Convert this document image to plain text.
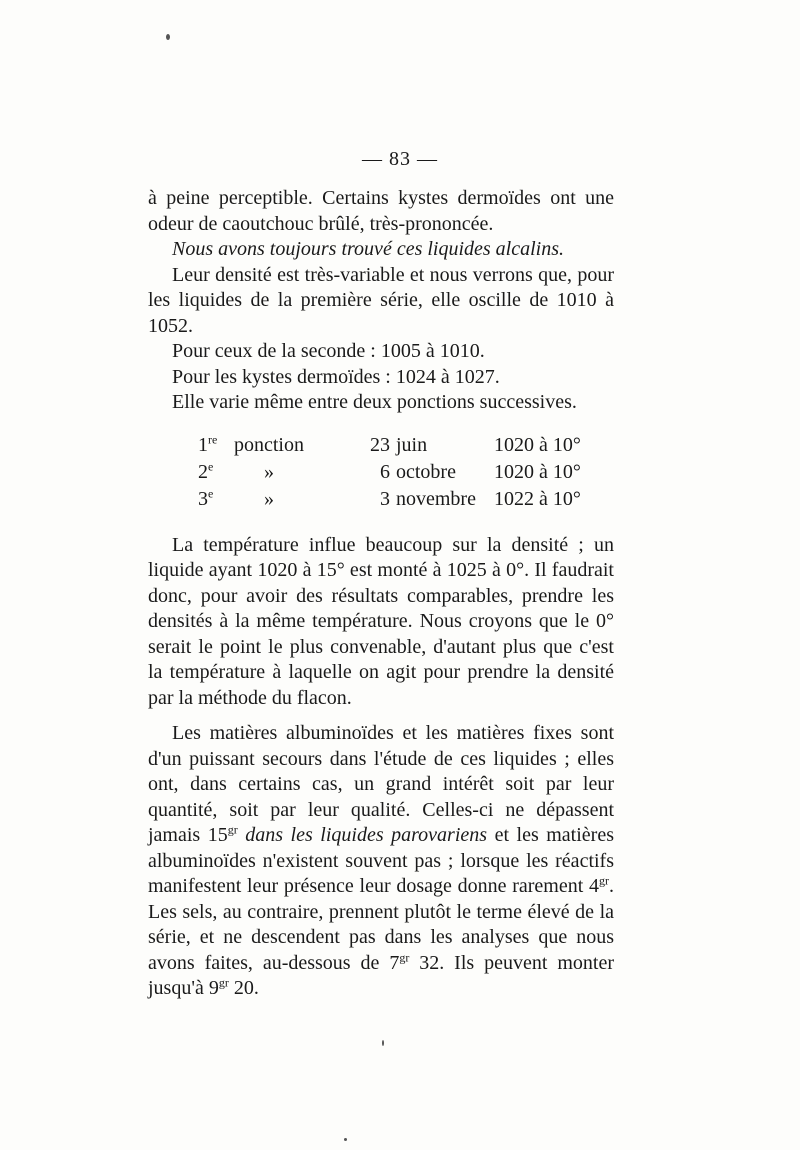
— 83 —

à peine perceptible. Certains kystes dermoïdes ont une odeur de caoutchouc brûlé, très-prononcée.

Nous avons toujours trouvé ces liquides alcalins.

Leur densité est très-variable et nous verrons que, pour les liquides de la première série, elle oscille de 1010 à 1052.

Pour ceux de la seconde : 1005 à 1010.

Pour les kystes dermoïdes : 1024 à 1027.

Elle varie même entre deux ponctions successives.

1re	ponction	23	juin	1020 à 10°
2e	»	6	octobre	1020 à 10°
3e	»	3	novembre	1022 à 10°

La température influe beaucoup sur la densité ; un liquide ayant 1020 à 15° est monté à 1025 à 0°. Il faudrait donc, pour avoir des résultats comparables, prendre les densités à la même température. Nous croyons que le 0° serait le point le plus convenable, d'autant plus que c'est la température à laquelle on agit pour prendre la densité par la méthode du flacon.

Les matières albuminoïdes et les matières fixes sont d'un puissant secours dans l'étude de ces liquides ; elles ont, dans certains cas, un grand intérêt soit par leur quantité, soit par leur qualité. Celles-ci ne dépassent jamais $15^{gr}$ dans les liquides parovariens et les matières albuminoïdes n'existent souvent pas ; lorsque les réactifs manifestent leur présence leur dosage donne rarement $4^{gr}$. Les sels, au contraire, prennent plutôt le terme élevé de la série, et ne descendent pas dans les analyses que nous avons faites, au-dessous de $7^{gr}$ 32. Ils peuvent monter jusqu'à $9^{gr}$ 20.
